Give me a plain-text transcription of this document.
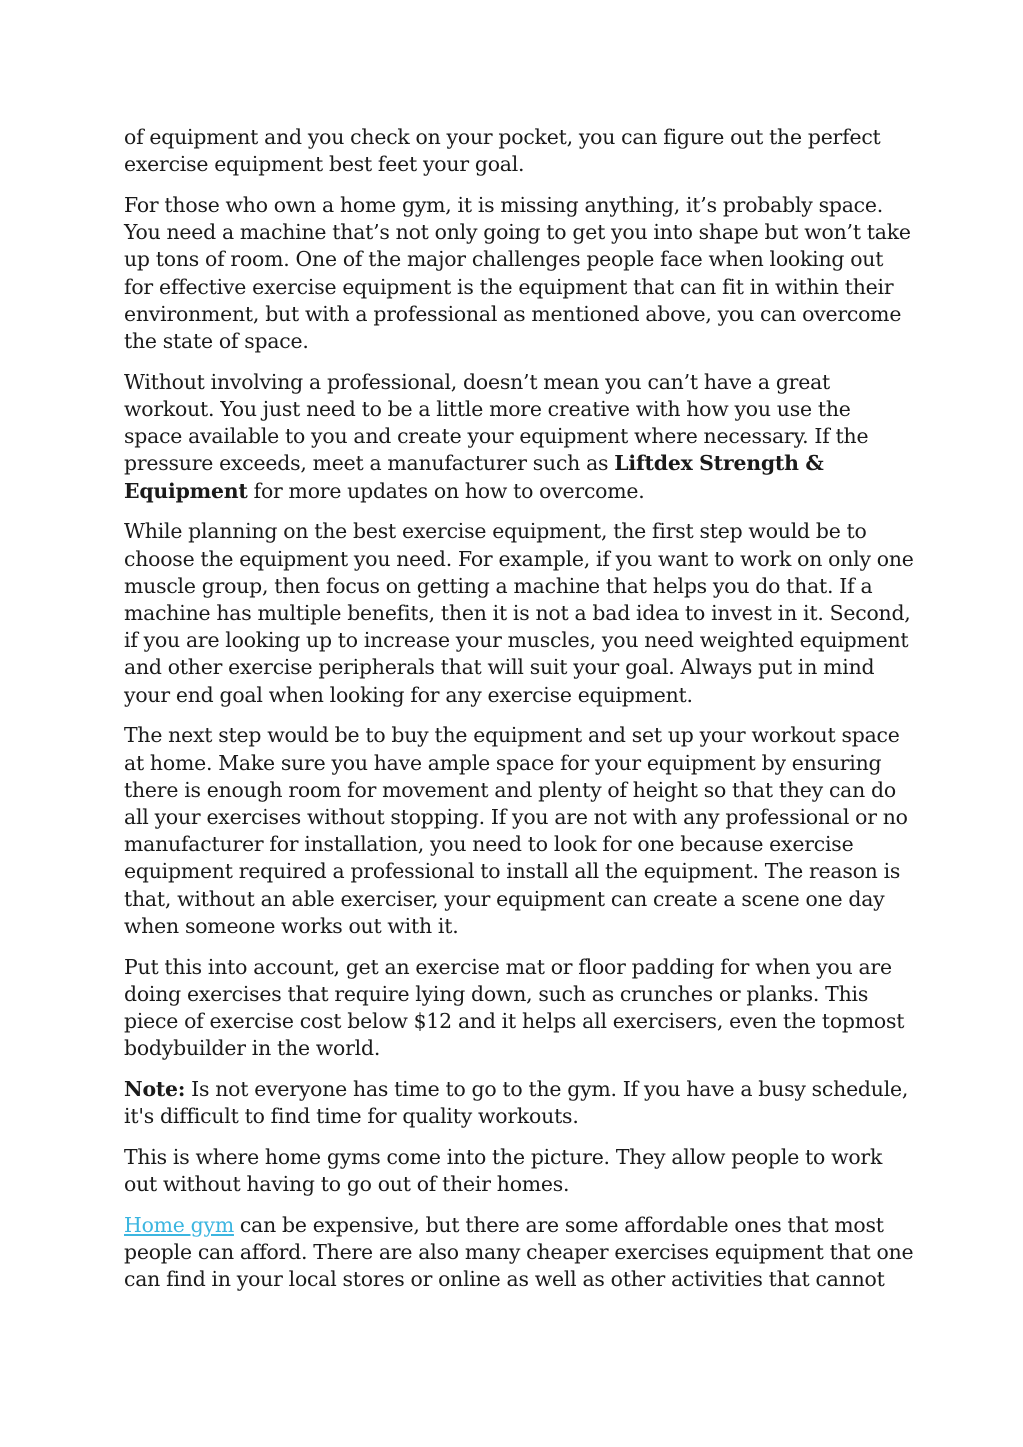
of equipment and you check on your pocket, you can figure out the perfect exercise equipment best feet your goal.

For those who own a home gym, it is missing anything, it’s probably space. You need a machine that’s not only going to get you into shape but won’t take up tons of room. One of the major challenges people face when looking out for effective exercise equipment is the equipment that can fit in within their environment, but with a professional as mentioned above, you can overcome the state of space.

Without involving a professional, doesn’t mean you can’t have a great workout. You just need to be a little more creative with how you use the space available to you and create your equipment where necessary. If the pressure exceeds, meet a manufacturer such as Liftdex Strength & Equipment for more updates on how to overcome.

While planning on the best exercise equipment, the first step would be to choose the equipment you need. For example, if you want to work on only one muscle group, then focus on getting a machine that helps you do that. If a machine has multiple benefits, then it is not a bad idea to invest in it. Second, if you are looking up to increase your muscles, you need weighted equipment and other exercise peripherals that will suit your goal. Always put in mind your end goal when looking for any exercise equipment.

The next step would be to buy the equipment and set up your workout space at home. Make sure you have ample space for your equipment by ensuring there is enough room for movement and plenty of height so that they can do all your exercises without stopping. If you are not with any professional or no manufacturer for installation, you need to look for one because exercise equipment required a professional to install all the equipment. The reason is that, without an able exerciser, your equipment can create a scene one day when someone works out with it.

Put this into account, get an exercise mat or floor padding for when you are doing exercises that require lying down, such as crunches or planks. This piece of exercise cost below $12 and it helps all exercisers, even the topmost bodybuilder in the world.

Note: Is not everyone has time to go to the gym. If you have a busy schedule, it's difficult to find time for quality workouts.

This is where home gyms come into the picture. They allow people to work out without having to go out of their homes.

Home gym can be expensive, but there are some affordable ones that most people can afford. There are also many cheaper exercises equipment that one can find in your local stores or online as well as other activities that cannot
